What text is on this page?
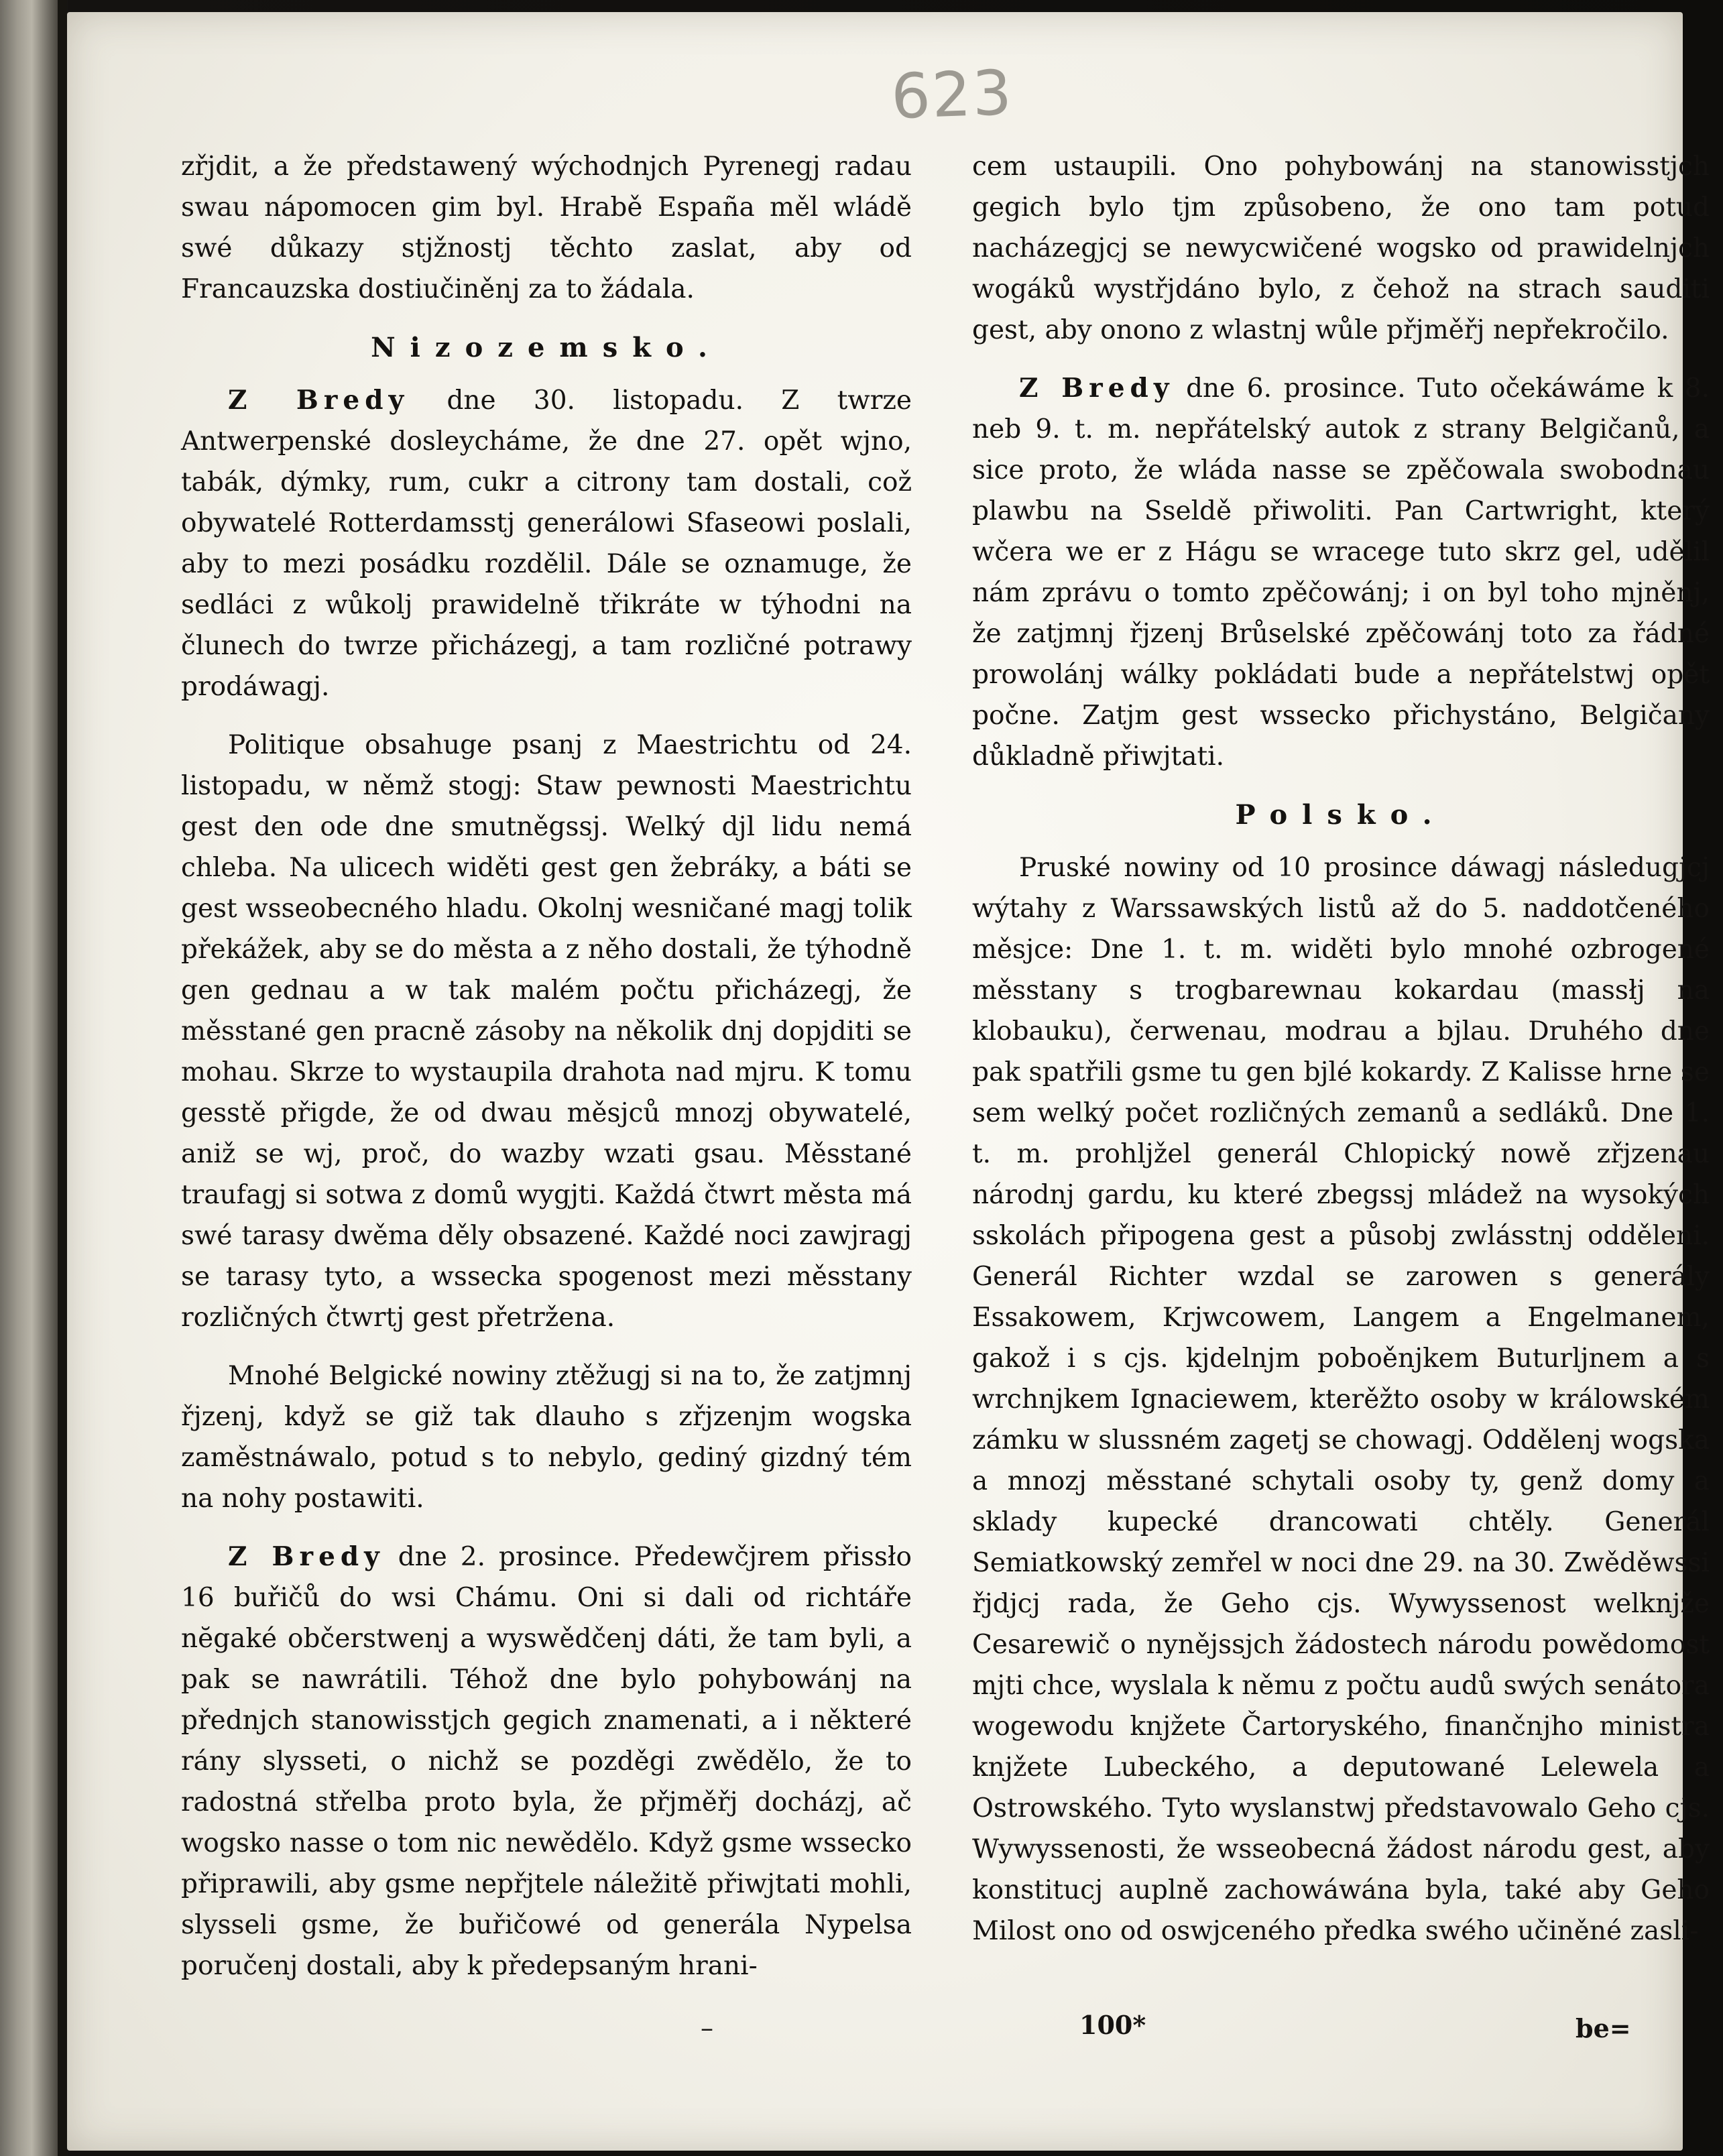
623

zřjdit, a že předstawený wýchodnjch Pyrenegj radau swau nápomocen gim byl. Hrabě España měl wládě swé důkazy stjžnostj těchto zaslat, aby od Francauzska dostiučiněnj za to žádala.

Nizozemsko.

Z Bredy dne 30. listopadu. Z twrze Antwerpenské dosleycháme, že dne 27. opět wjno, tabák, dýmky, rum, cukr a citrony tam dostali, což obywatelé Rotterdamsstj generálowi Sfaseowi poslali, aby to mezi posádku rozdělil. Dále se oznamuge, že sedláci z wůkolj prawidelně třikráte w týhodni na člunech do twrze přicházegj, a tam rozličné potrawy prodáwagj.

Politique obsahuge psanj z Maestrichtu od 24. listopadu, w němž stogj: Staw pewnosti Maestrichtu gest den ode dne smutněgssj. Welký djl lidu nemá chleba. Na ulicech widěti gest gen žebráky, a báti se gest wsseobecného hladu. Okolnj wesničané magj tolik překážek, aby se do města a z něho dostali, že týhodně gen gednau a w tak malém počtu přicházegj, že měsstané gen pracně zásoby na několik dnj dopjditi se mohau. Skrze to wystaupila drahota nad mjru. K tomu gesstě přigde, že od dwau měsjců mnozj obywatelé, aniž se wj, proč, do wazby wzati gsau. Měsstané traufagj si sotwa z domů wygjti. Každá čtwrt města má swé tarasy dwěma děly obsazené. Každé noci zawjragj se tarasy tyto, a wsseckа spogenost mezi měsstany rozličných čtwrtj gest přetržena.

Mnohé Belgické nowiny ztěžugj si na to, že zatjmnj řjzenj, když se giž tak dlauho s zřjzenjm wogska zaměstnáwalo, potud s to nebylo, gediný gizdný tém na nohy postawiti.

Z Bredy dne 2. prosince. Předewčjrem přissło 16 buřičů do wsi Chámu. Oni si dali od richtáře nĕgaké občerstwenj a wyswědčenj dáti, že tam byli, a pak se nawrátili. Téhož dne bylo pohybowánj na přednjch stanowisstjch gegich znamenati, a i některé rány slysseti, o nichž se pozděgi zwědělo, že to radostná střelba proto byla, že přjměřj docházj, ač wogsko nasse o tom nic newědělo. Když gsme wsseckо připrawili, aby gsme nepřjtele náležitě přiwjtati mohli, slysseli gsme, že buřičowé od generála Nypelsa poručenj dostali, aby k předepsaným hrani-

cem ustaupili. Ono pohybowánj na stanowisstjch gegich bylo tjm způsobeno, že ono tam potud nacházegjcj se newycwičené wogsko od prawidelnjch wogáků wystřjdáno bylo, z čehož na strach sauditi gest, aby onono z wlastnj wůle přjměřj nepřekročilo.

Z Bredy dne 6. prosince. Tuto očekáwáme k 8. neb 9. t. m. nepřátelský autok z strany Belgičanů, a sice proto, že wláda nasse se zpěčowala swobodnau plawbu na Sseldě přiwoliti. Pan Cartwright, který wčera we er z Hágu se wracege tuto skrz gel, udělil nám zprávu o tomto zpěčowánj; i on byl toho mjněnj, že zatjmnj řjzenj Brůselské zpěčowánj toto za řádné prowolánj wálky pokládati bude a nepřátelstwj opět počne. Zatjm gest wsseckо přichystáno, Belgičany důkladně přiwjtati.

Polsko.

Pruské nowiny od 10 prosince dáwagj následugjcj wýtahy z Warssawských listů až do 5. naddotčeného měsjce: Dne 1. t. m. widěti bylo mnohé ozbrogené měsstany s trogbarewnau kokardau (massłj na klobauku), čerwenau, modrau a bjlau. Druhého dne pak spatřili gsme tu gen bjlé kokardy. Z Kalisse hrne se sem welký počet rozličných zemanů a sedláků. Dne 1. t. m. prohljžel generál Chlopický nowě zřjzenau národnj gardu, ku které zbegssj mládež na wysokých sskolách připogena gest a působj zwlásstnj odděleni. Generál Richter wzdal se zarowen s generály Essakowem, Krjwcowem, Langem a Engelmanem, gakož i s cjs. kjdelnjm poboěnjkem Buturljnem a s wrchnjkem Ignaciewem, kterěžto osoby w králowském zámku w slussném zagetj se chowagj. Oddělenj wogska a mnozj měsstané schytali osoby ty, genž domy a sklady kupecké drancowati chtěly. Generál Semiatkowský zemřel w noci dne 29. na 30. Zwěděwssi řjdjcj rada, že Geho cjs. Wywyssenost welknjže Cesarewič o nynějssjch žádostech národu powědomost mjti chce, wyslala k němu z počtu audů swých senátora wogewodu knjžete Čartoryského, finančnjho ministra knjžete Lubeckého, a deputowané Lelewela a Ostrowského. Tyto wyslanstwj představowalo Geho cjs. Wywyssenosti, že wsseobecná žádost národu gest, aby konstitucj auplně zachowáwána byla, také aby Geho Milost ono od oswjceného předka swého učiněné zasli-

–	100*	be=
